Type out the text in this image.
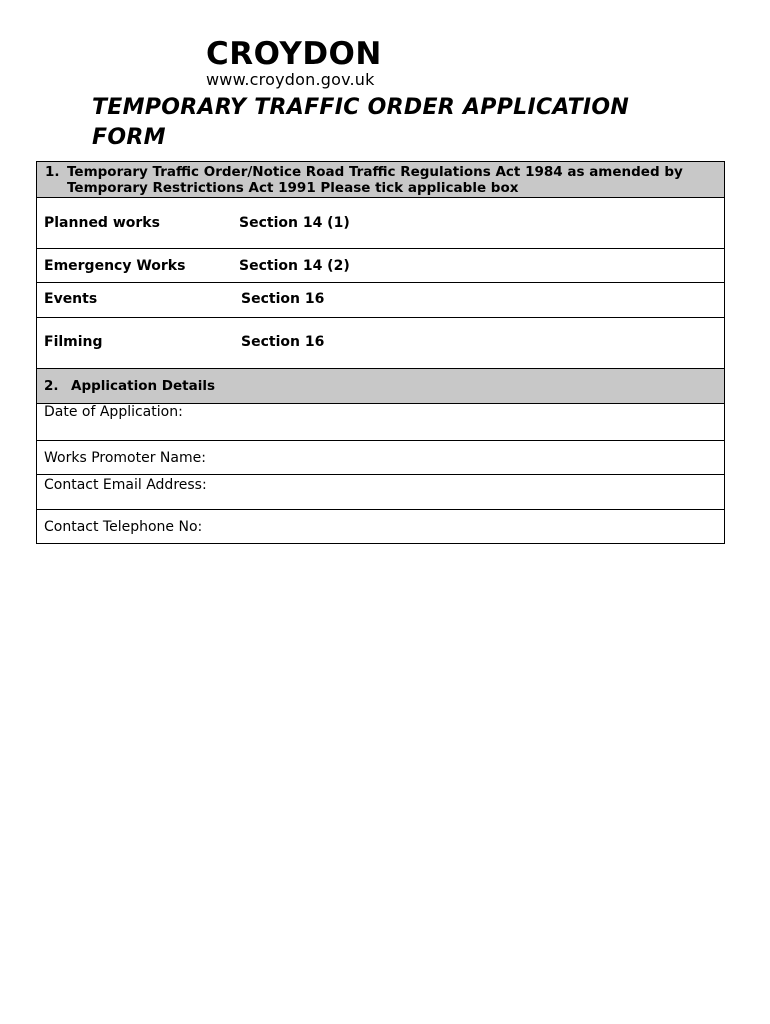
CROYDON
www.croydon.gov.uk
TEMPORARY TRAFFIC ORDER APPLICATION
FORM
1. Temporary Traffic Order/Notice Road Traffic Regulations Act 1984 as amended by
Temporary Restrictions Act 1991 Please tick applicable box
Planned works	Section 14 (1)
Emergency Works	Section 14 (2)
Events	Section 16
Filming	Section 16
2. Application Details
Date of Application:
Works Promoter Name:
Contact Email Address:
Contact Telephone No:
